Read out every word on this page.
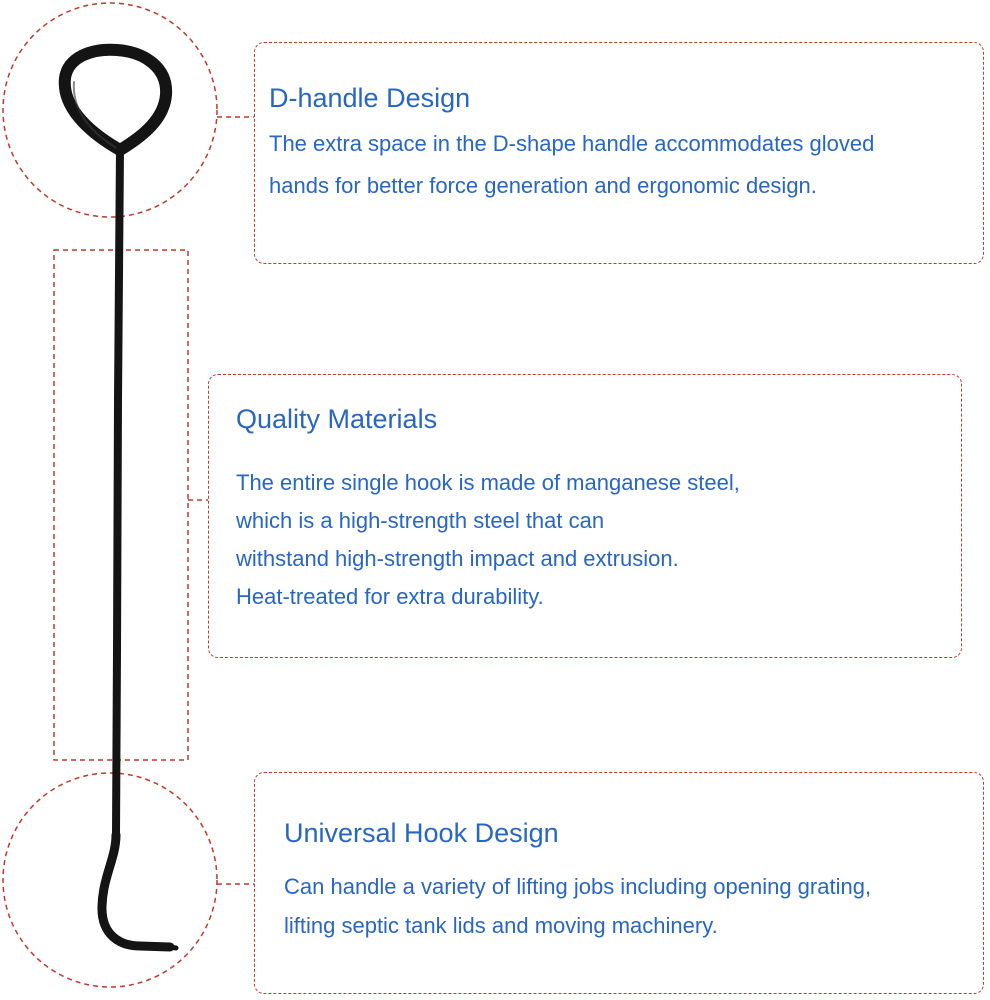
D-handle Design
The extra space in the D-shape handle accommodates gloved
hands for better force generation and ergonomic design.
Quality Materials
The entire single hook is made of manganese steel,
which is a high-strength steel that can
withstand high-strength impact and extrusion.
Heat-treated for extra durability.
Universal Hook Design
Can handle a variety of lifting jobs including opening grating,
lifting septic tank lids and moving machinery.
